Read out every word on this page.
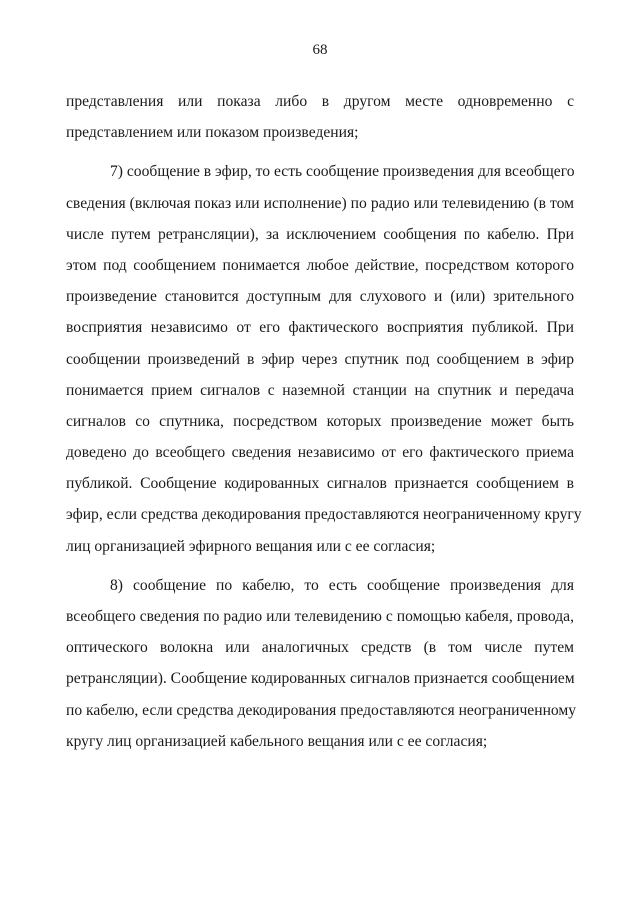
68
представления или показа либо в другом месте одновременно с
представлением или показом произведения;
7) сообщение в эфир, то есть сообщение произведения для всеобщего
сведения (включая показ или исполнение) по радио или телевидению (в том
числе путем ретрансляции), за исключением сообщения по кабелю. При
этом под сообщением понимается любое действие, посредством которого
произведение становится доступным для слухового и (или) зрительного
восприятия независимо от его фактического восприятия публикой. При
сообщении произведений в эфир через спутник под сообщением в эфир
понимается прием сигналов с наземной станции на спутник и передача
сигналов со спутника, посредством которых произведение может быть
доведено до всеобщего сведения независимо от его фактического приема
публикой. Сообщение кодированных сигналов признается сообщением в
эфир, если средства декодирования предоставляются неограниченному кругу
лиц организацией эфирного вещания или с ее согласия;
8) сообщение по кабелю, то есть сообщение произведения для
всеобщего сведения по радио или телевидению с помощью кабеля, провода,
оптического волокна или аналогичных средств (в том числе путем
ретрансляции). Сообщение кодированных сигналов признается сообщением
по кабелю, если средства декодирования предоставляются неограниченному
кругу лиц организацией кабельного вещания или с ее согласия;
